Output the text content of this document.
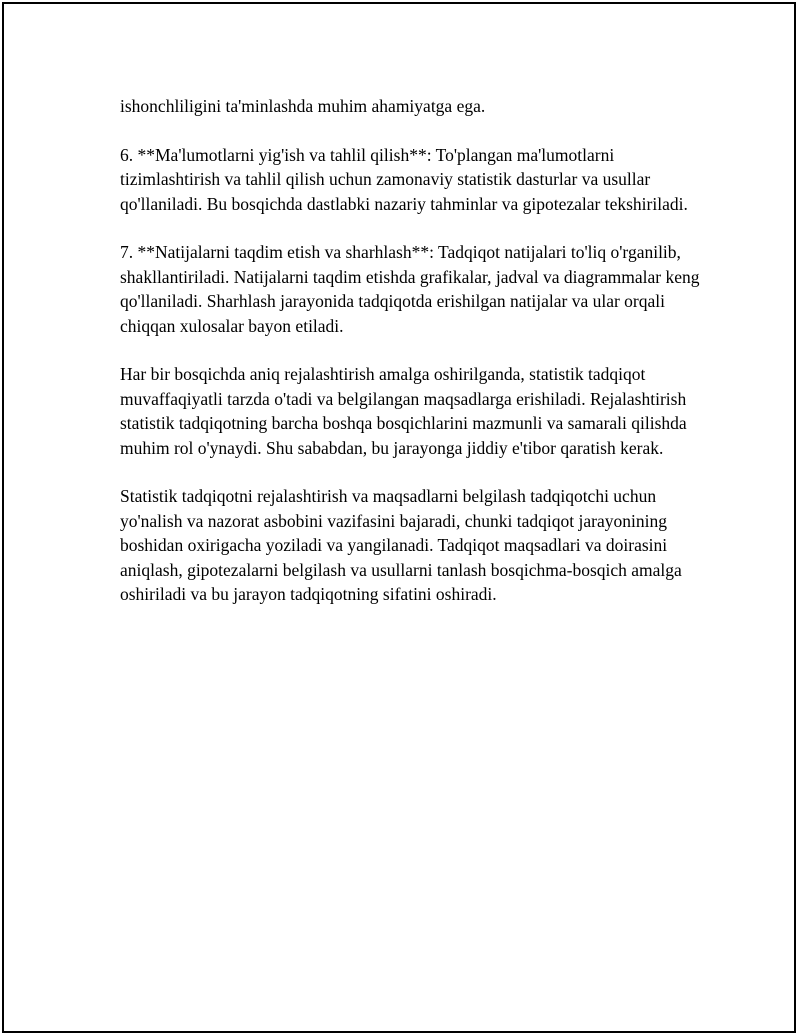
ishonchliligini ta'minlashda muhim ahamiyatga ega.

6. **Ma'lumotlarni yig'ish va tahlil qilish**: To'plangan ma'lumotlarni tizimlashtirish va tahlil qilish uchun zamonaviy statistik dasturlar va usullar qo'llaniladi. Bu bosqichda dastlabki nazariy tahminlar va gipotezalar tekshiriladi.

7. **Natijalarni taqdim etish va sharhlash**: Tadqiqot natijalari to'liq o'rganilib, shakllantiriladi. Natijalarni taqdim etishda grafikalar, jadval va diagrammalar keng qo'llaniladi. Sharhlash jarayonida tadqiqotda erishilgan natijalar va ular orqali chiqqan xulosalar bayon etiladi.

Har bir bosqichda aniq rejalashtirish amalga oshirilganda, statistik tadqiqot muvaffaqiyatli tarzda o'tadi va belgilangan maqsadlarga erishiladi. Rejalashtirish statistik tadqiqotning barcha boshqa bosqichlarini mazmunli va samarali qilishda muhim rol o'ynaydi. Shu sababdan, bu jarayonga jiddiy e'tibor qaratish kerak.

Statistik tadqiqotni rejalashtirish va maqsadlarni belgilash tadqiqotchi uchun yo'nalish va nazorat asbobini vazifasini bajaradi, chunki tadqiqot jarayonining boshidan oxirigacha yoziladi va yangilanadi. Tadqiqot maqsadlari va doirasini aniqlash, gipotezalarni belgilash va usullarni tanlash bosqichma-bosqich amalga oshiriladi va bu jarayon tadqiqotning sifatini oshiradi.
